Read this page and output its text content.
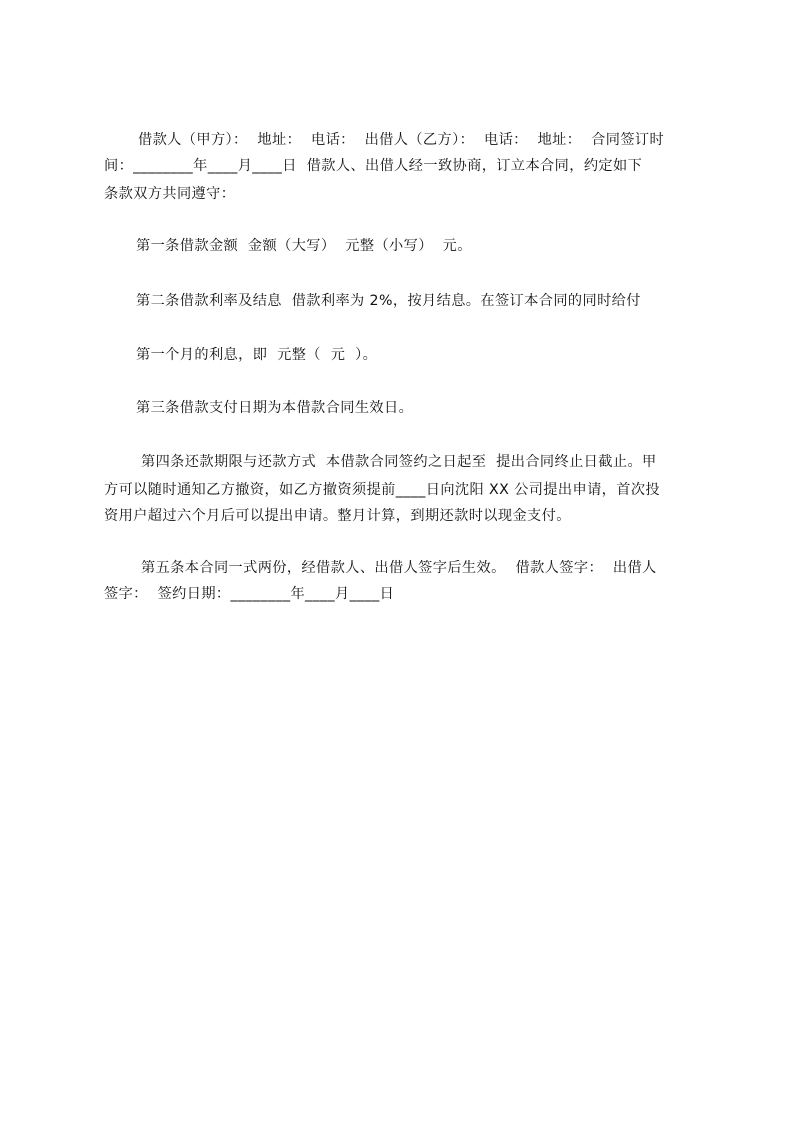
借款人（甲方）：  地址：  电话：  出借人（乙方）：  电话：  地址：  合同签订时
间：________年____月____日  借款人、出借人经一致协商，订立本合同，约定如下
条款双方共同遵守：
第一条借款金额  金额（大写）  元整（小写）  元。
第二条借款利率及结息  借款利率为 2%，按月结息。在签订本合同的同时给付
第一个月的利息，即  元整（  元  ）。
第三条借款支付日期为本借款合同生效日。
第四条还款期限与还款方式  本借款合同签约之日起至  提出合同终止日截止。甲
方可以随时通知乙方撤资，如乙方撤资须提前____日向沈阳 XX 公司提出申请，首次投
资用户超过六个月后可以提出申请。整月计算，到期还款时以现金支付。
第五条本合同一式两份，经借款人、出借人签字后生效。  借款人签字：  出借人
签字：  签约日期：________年____月____日
